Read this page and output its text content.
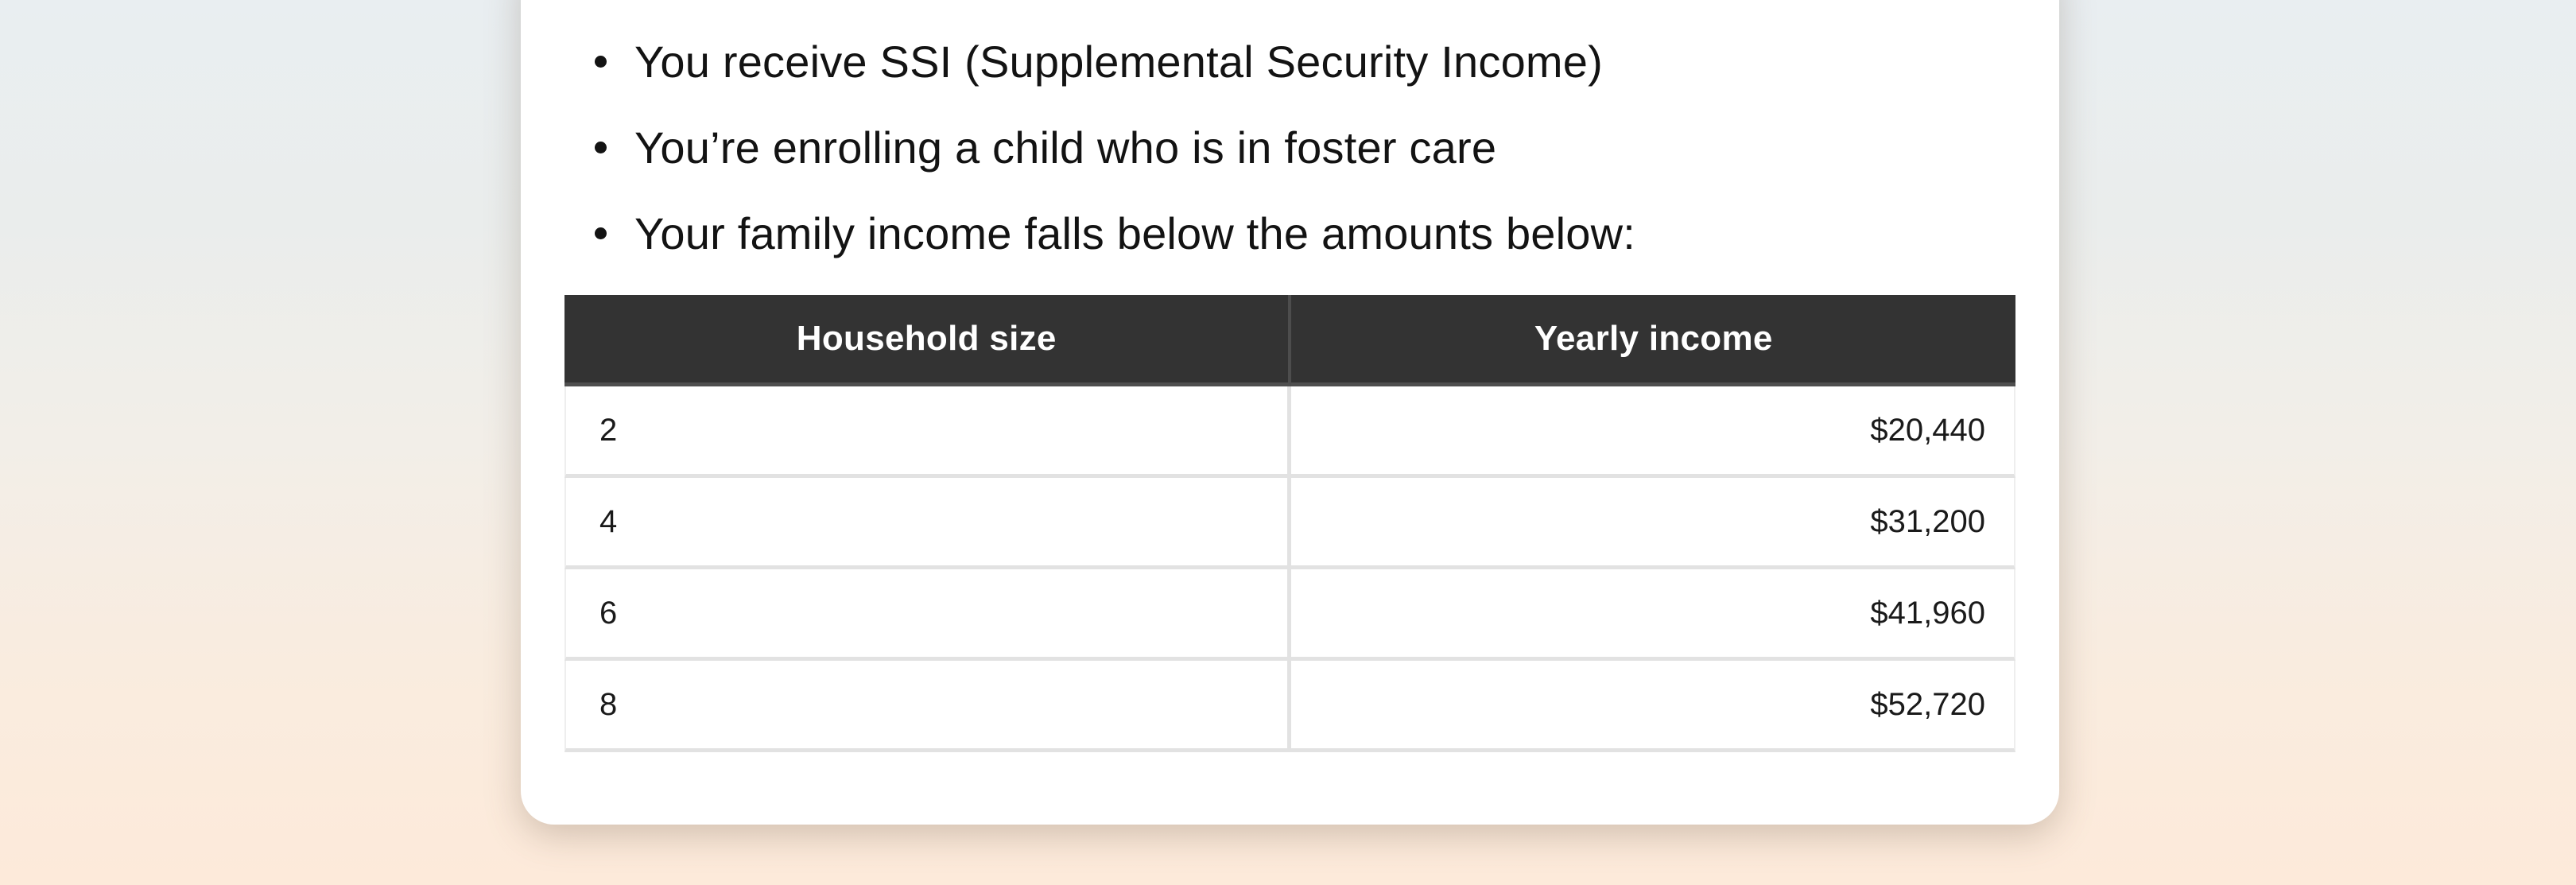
You receive SSI (Supplemental Security Income)
You’re enrolling a child who is in foster care
Your family income falls below the amounts below:
Household size	Yearly income
2	$20,440
4	$31,200
6	$41,960
8	$52,720
